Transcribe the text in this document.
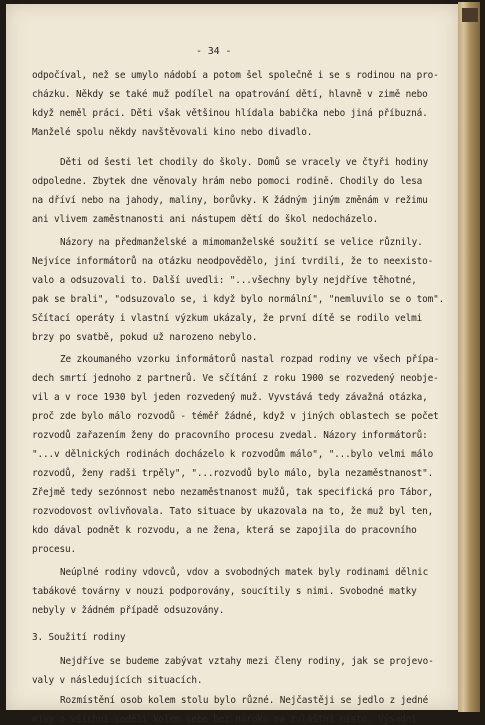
- 34 -
odpočíval, než se umylo nádobí a potom šel společně i se s rodinou na pro-
cházku. Někdy se také muž podílel na opatrování dětí, hlavně v zimě nebo
když neměl práci. Děti však většinou hlídala babička nebo jiná příbuzná.
Manželé spolu někdy navštěvovali kino nebo divadlo.
Děti od šesti let chodily do školy. Domů se vracely ve čtyři hodiny
odpoledne. Zbytek dne věnovaly hrám nebo pomoci rodině. Chodily do lesa
na dříví nebo na jahody, maliny, borůvky. K žádným jiným změnám v režimu
ani vlivem zaměstnanosti ani nástupem dětí do škol nedocházelo.
Názory na předmanželské a mimomanželské soužití se velice různily.
Nejvíce informátorů na otázku neodpovědělo, jiní tvrdili, že to neexisto-
valo a odsuzovali to. Další uvedli: "...všechny byly nejdříve těhotné,
pak se brali", "odsuzovalo se, i když bylo normální", "nemluvilo se o tom".
Sčítací operáty i vlastní výzkum ukázaly, že první dítě se rodilo velmi
brzy po svatbě, pokud už narozeno nebylo.
Ze zkoumaného vzorku informátorů nastal rozpad rodiny ve všech přípa-
dech smrtí jednoho z partnerů. Ve sčítání z roku 1900 se rozvedený neobje-
vil a v roce 1930 byl jeden rozvedený muž. Vyvstává tedy závažná otázka,
proč zde bylo málo rozvodů - téměř žádné, když v jiných oblastech se počet
rozvodů zařazením ženy do pracovního procesu zvedal. Názory informátorů:
"...v dělnických rodinách docházelo k rozvodům málo", "...bylo velmi málo
rozvodů, ženy radši trpěly", "...rozvodů bylo málo, byla nezaměstnanost".
Zřejmě tedy sezónnost nebo nezaměstnanost mužů, tak specifická pro Tábor,
rozvodovost ovlivňovala. Tato situace by ukazovala na to, že muž byl ten,
kdo dával podnět k rozvodu, a ne žena, která se zapojila do pracovního
procesu.
Neúplné rodiny vdovců, vdov a svobodných matek byly rodinami dělnic
tabákové továrny v nouzi podporovány, soucítily s nimi. Svobodné matky
nebyly v žádném případě odsuzovány.
3. Soužití rodiny
Nejdříve se budeme zabývat vztahy mezi členy rodiny, jak se projevo-
valy v následujících situacích.
Rozmístění osob kolem stolu bylo různé. Nejčastěji se jedlo z jedné
mísy a všichni seděli kolem sebe bez nároku na zvláštní místo. Výsadní
